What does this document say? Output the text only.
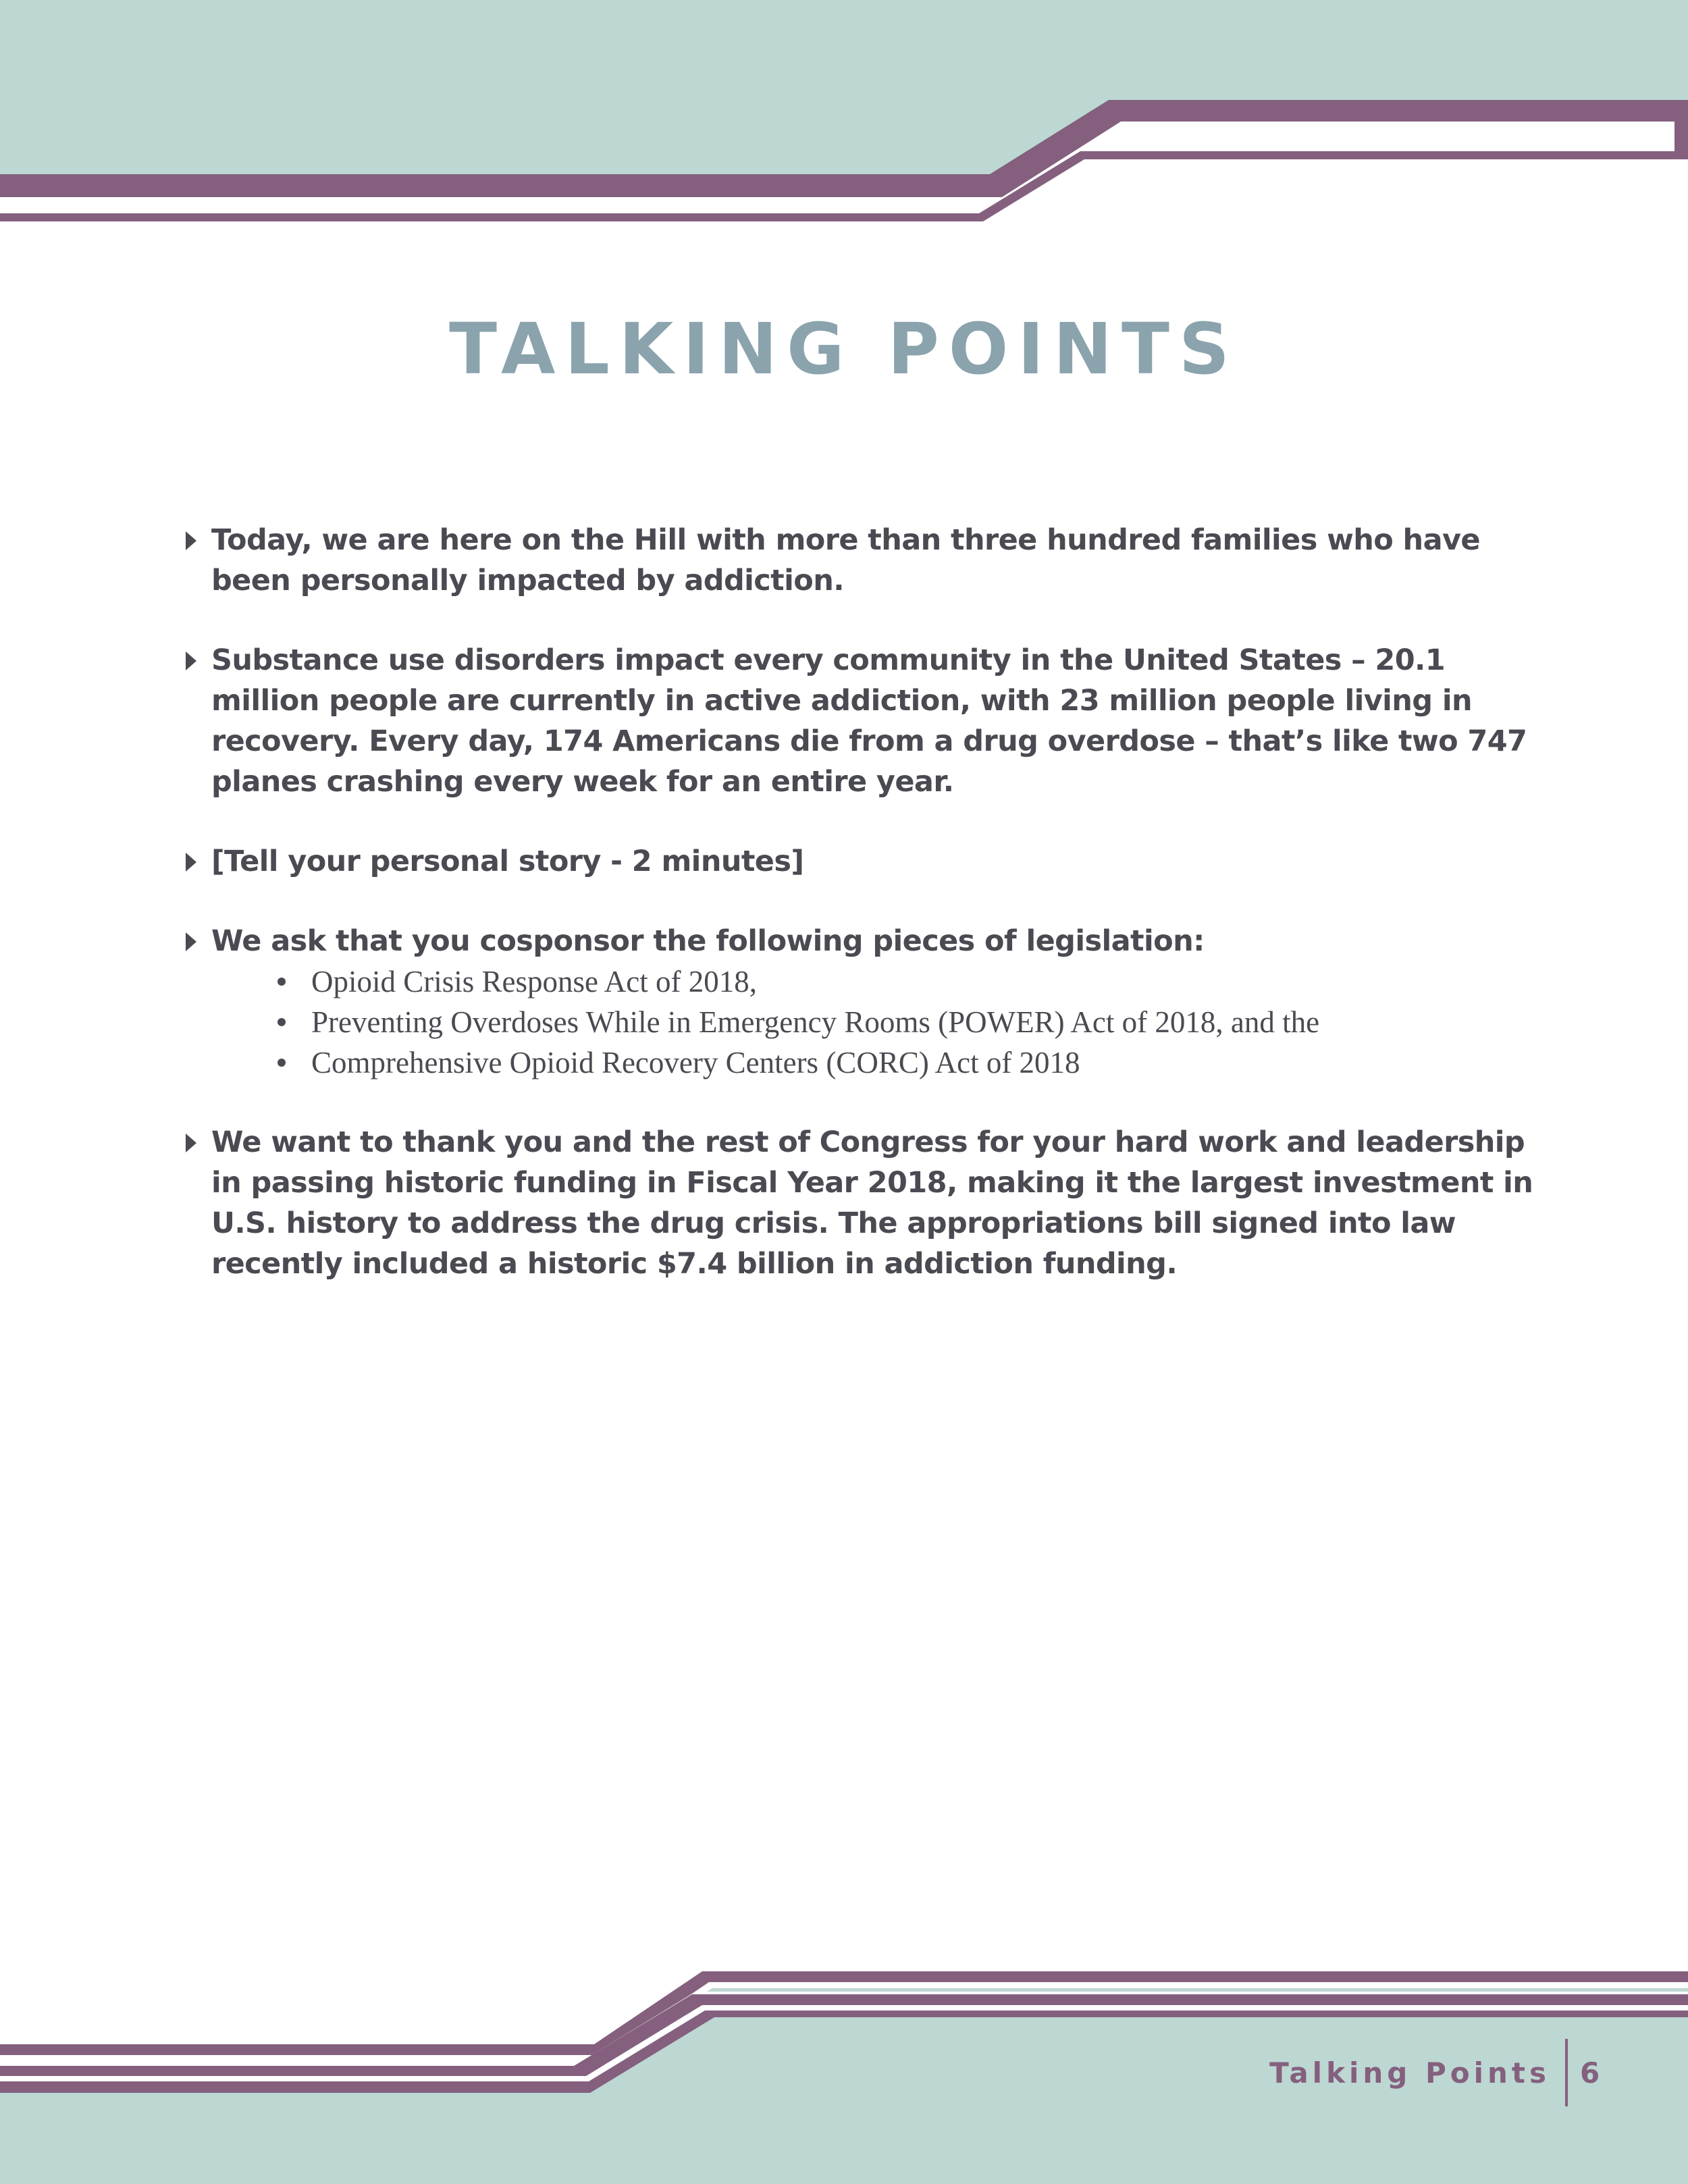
TALKING POINTS
Today, we are here on the Hill with more than three hundred families who have been personally impacted by addiction.
Substance use disorders impact every community in the United States – 20.1 million people are currently in active addiction, with 23 million people living in recovery. Every day, 174 Americans die from a drug overdose – that’s like two 747 planes crashing every week for an entire year.
[Tell your personal story - 2 minutes]
We ask that you cosponsor the following pieces of legislation:
Opioid Crisis Response Act of 2018,
Preventing Overdoses While in Emergency Rooms (POWER) Act of 2018, and the
Comprehensive Opioid Recovery Centers (CORC) Act of 2018
We want to thank you and the rest of Congress for your hard work and leadership in passing historic funding in Fiscal Year 2018, making it the largest investment in U.S. history to address the drug crisis. The appropriations bill signed into law recently included a historic $7.4 billion in addiction funding.
Talking Points	6
